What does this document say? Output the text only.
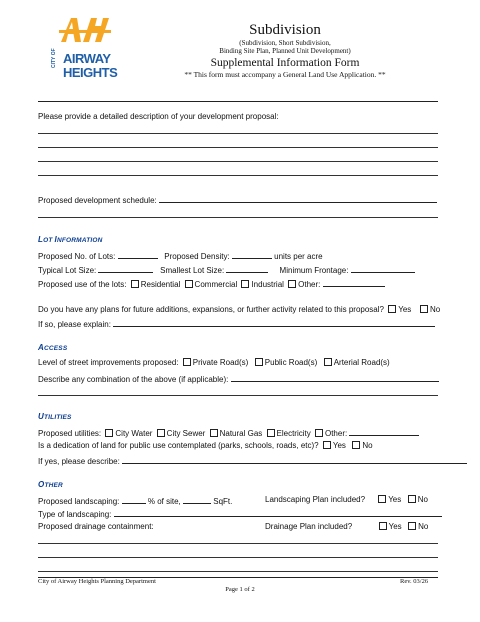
CITY OF AIRWAY
HEIGHTS
Subdivision
(Subdivision, Short Subdivision,
Binding Site Plan, Planned Unit Development)
Supplemental Information Form
** This form must accompany a General Land Use Application. **
Please provide a detailed description of your development proposal:
Proposed development schedule:
LOT INFORMATION
Proposed No. of Lots:	Proposed Density:	units per acre
Typical Lot Size:	Smallest Lot Size:	Minimum Frontage:
Proposed use of the lots: Residential Commercial Industrial Other:
Do you have any plans for future additions, expansions, or further activity related to this proposal? Yes No
If so, please explain:
ACCESS
Level of street improvements proposed: Private Road(s) Public Road(s) Arterial Road(s)
Describe any combination of the above (if applicable):
UTILITIES
Proposed utilities: City Water City Sewer Natural Gas Electricity Other:
Is a dedication of land for public use contemplated (parks, schools, roads, etc)? Yes No
If yes, please describe:
OTHER
Proposed landscaping:	% of site,	SqFt.	Landscaping Plan included?	Yes No
Type of landscaping:
Proposed drainage containment:	Drainage Plan included?	Yes No
City of Airway Heights Planning Department	Rev. 03/26
Page 1 of 2
